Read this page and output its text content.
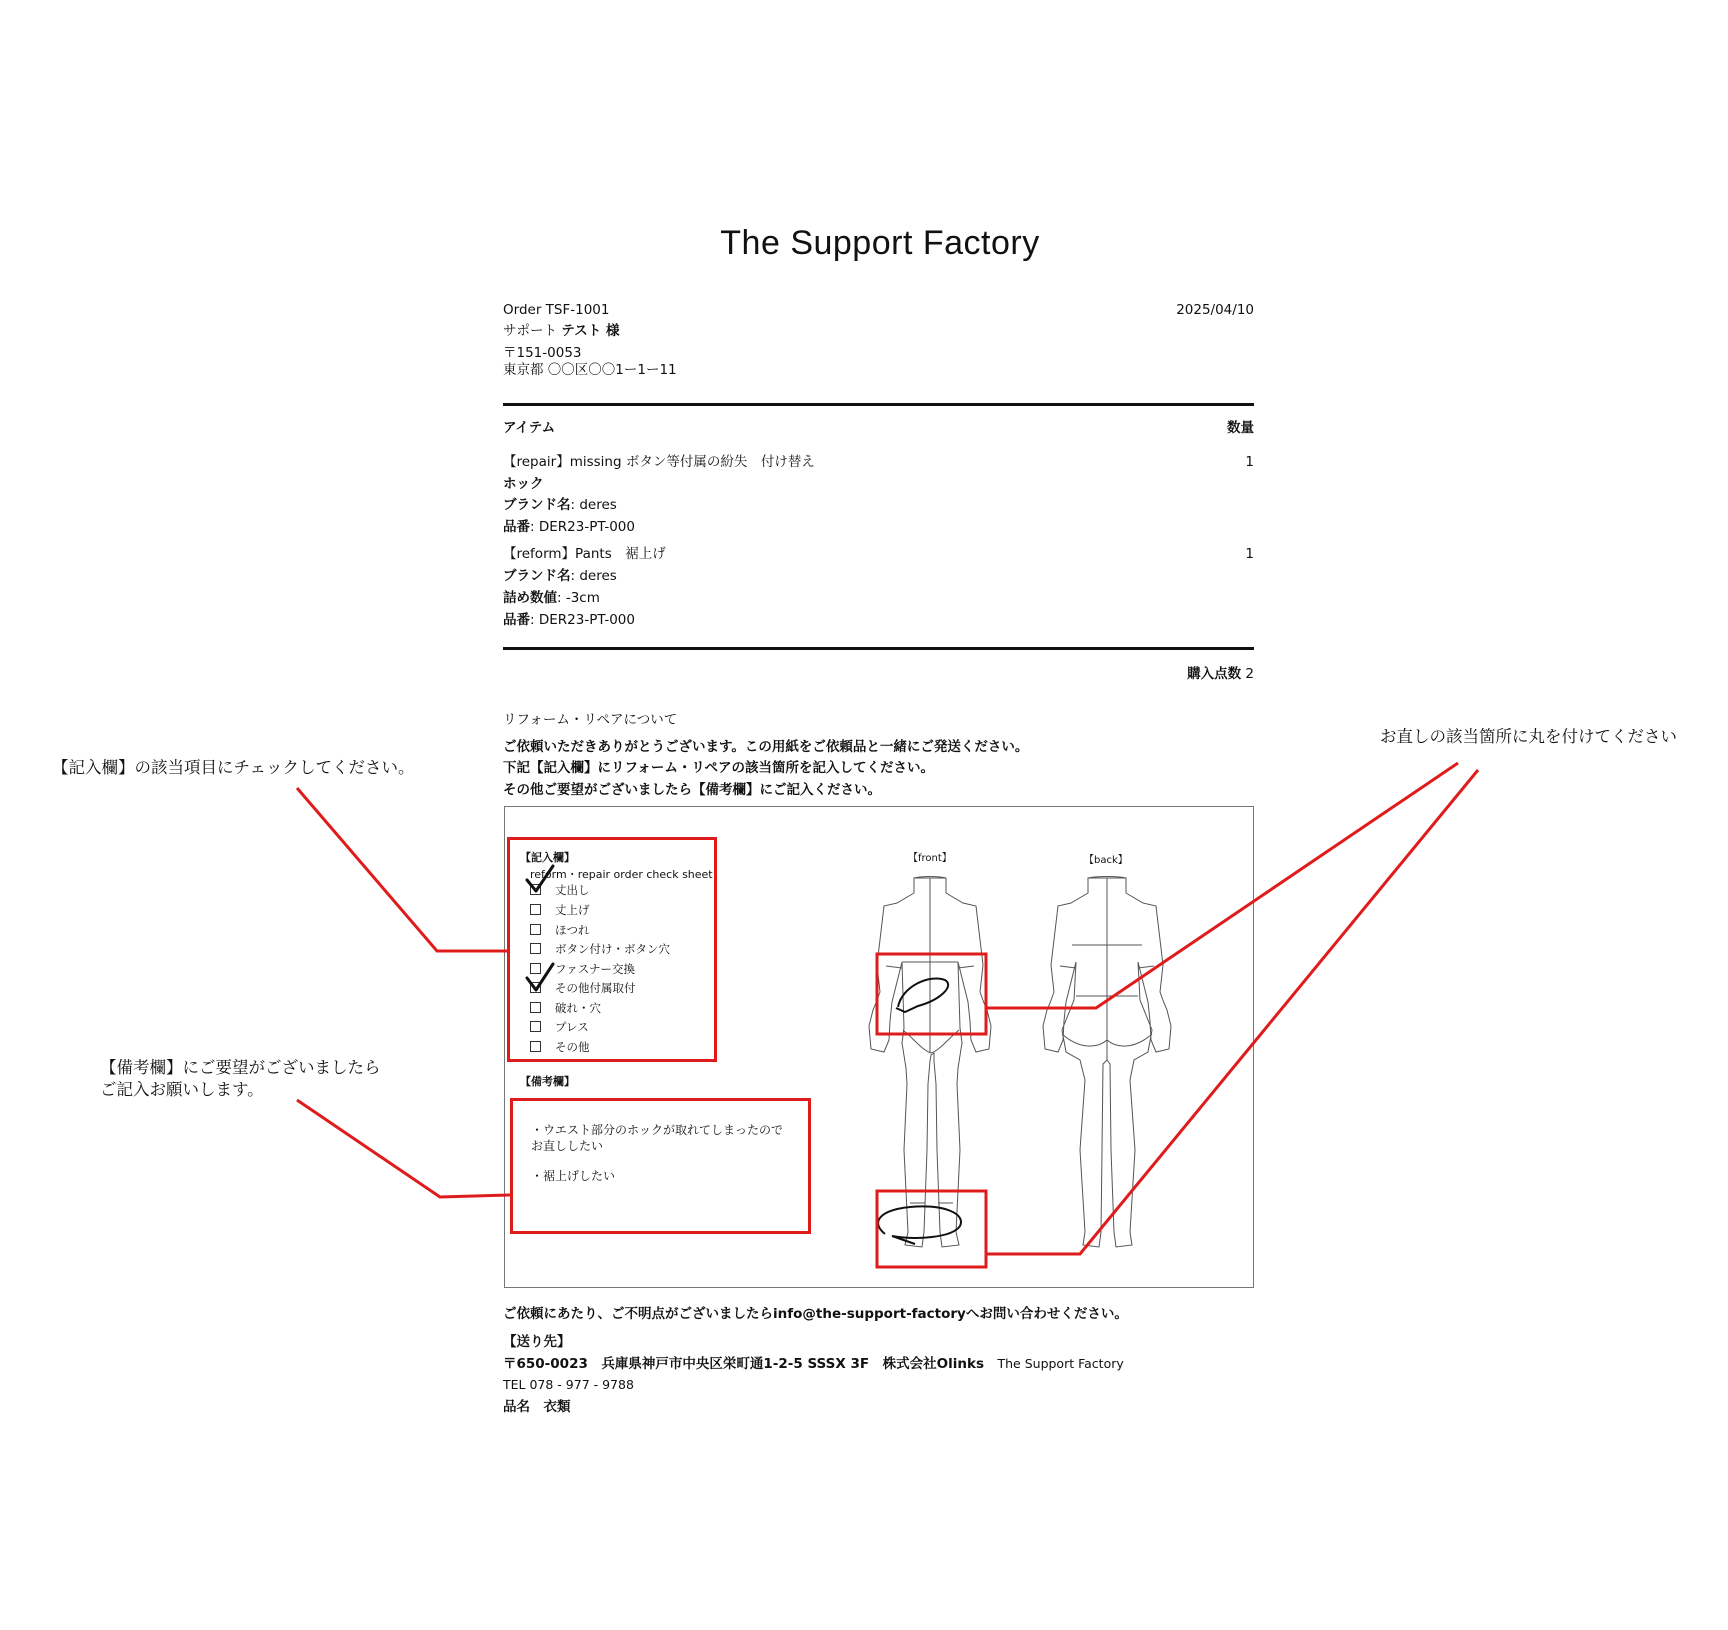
The Support Factory
Order TSF-1001	2025/04/10
サポート テスト 様
〒151-0053
東京都 〇〇区〇〇1ー1ー11
アイテム	数量
【repair】missing ボタン等付属の紛失　付け替え	1
ホック
ブランド名: deres
品番: DER23-PT-000
【reform】Pants　裾上げ	1
ブランド名: deres
詰め数値: -3cm
品番: DER23-PT-000
購入点数 2
リフォーム・リペアについて
ご依頼いただきありがとうございます。この用紙をご依頼品と一緒にご発送ください。
下記【記入欄】にリフォーム・リペアの該当箇所を記入してください。
その他ご要望がございましたら【備考欄】にご記入ください。
【記入欄】
reform・repair order check sheet
丈出し
丈上げ
ほつれ
ボタン付け・ボタン穴
ファスナー交換
その他付属取付
破れ・穴
プレス
その他
【備考欄】
・ウエスト部分のホックが取れてしまったので
お直ししたい
・裾上げしたい
【front】	【back】
ご依頼にあたり、ご不明点がございましたらinfo@the-support-factoryへお問い合わせください。
【送り先】
〒650-0023　兵庫県神戸市中央区栄町通1-2-5 SSSX 3F　株式会社Olinks　 The Support Factory
TEL 078 - 977 - 9788
品名　衣類
【記入欄】の該当項目にチェックしてください。
【備考欄】にご要望がございましたら
ご記入お願いします。
お直しの該当箇所に丸を付けてください
